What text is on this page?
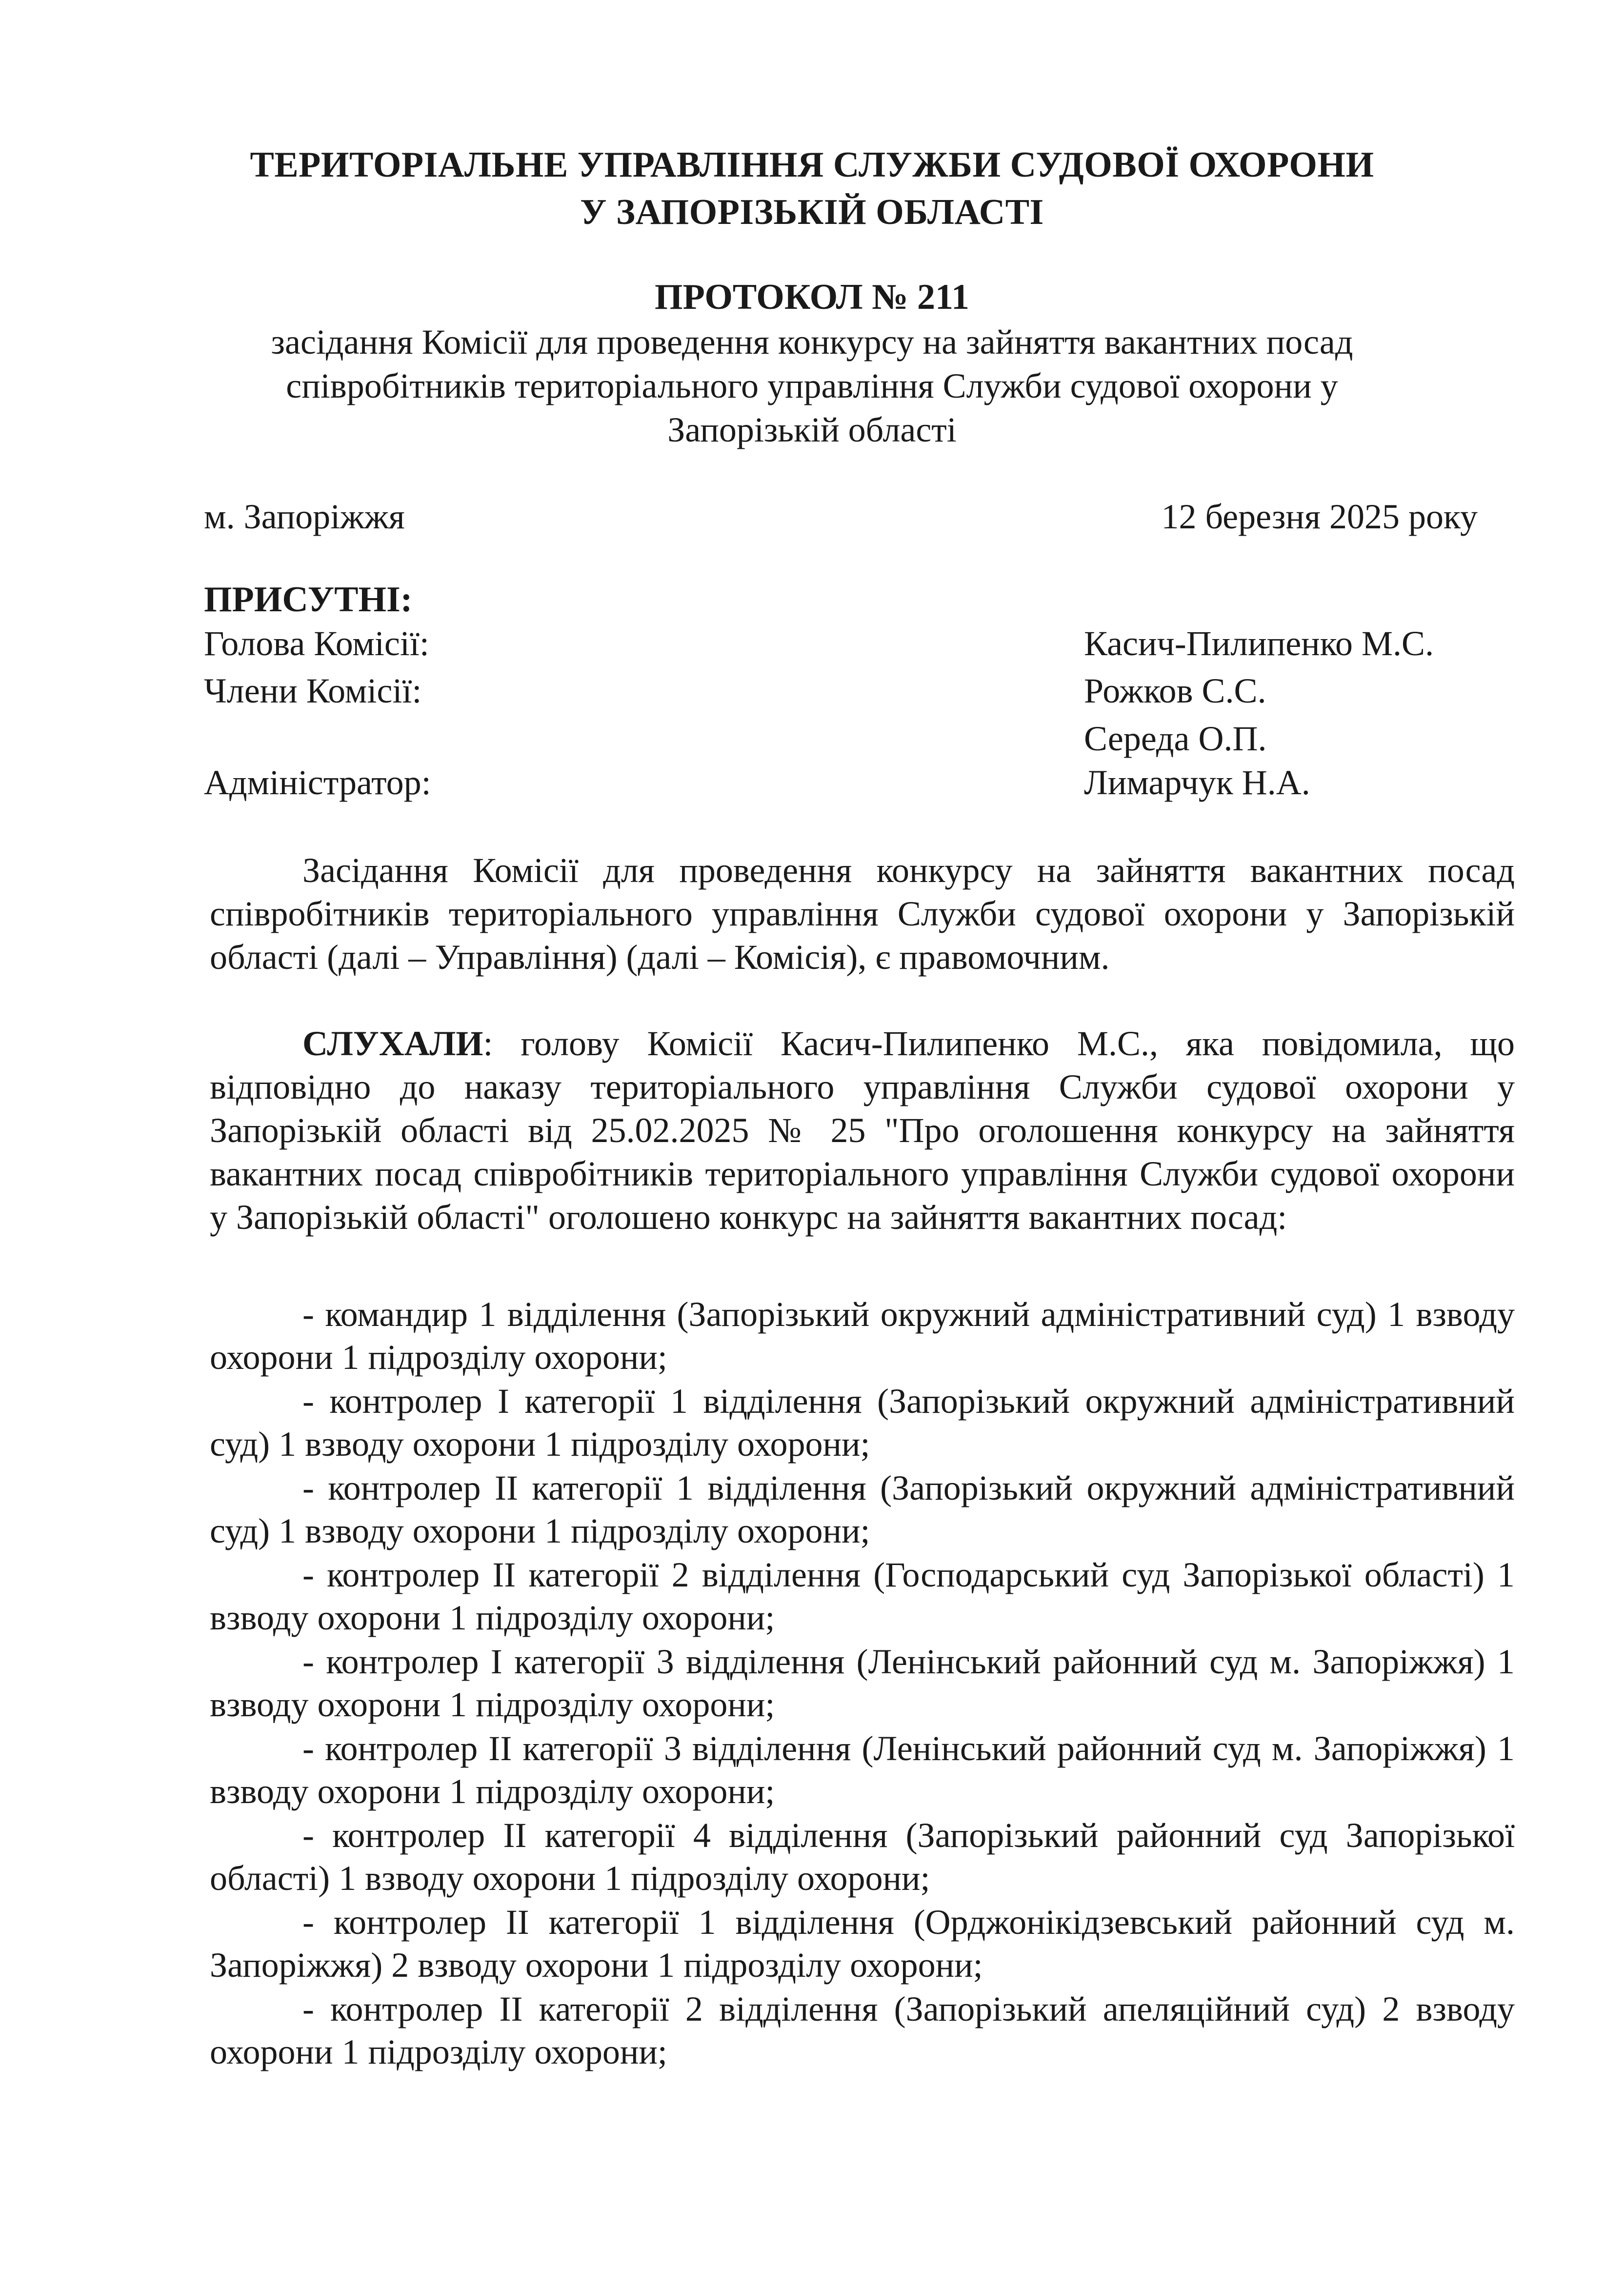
ТЕРИТОРІАЛЬНЕ УПРАВЛІННЯ СЛУЖБИ СУДОВОЇ ОХОРОНИ
У ЗАПОРІЗЬКІЙ ОБЛАСТІ
ПРОТОКОЛ № 211
засідання Комісії для проведення конкурсу на зайняття вакантних посад
співробітників територіального управління Служби судової охорони у
Запорізькій області
м. Запоріжжя	12 березня 2025 року
ПРИСУТНІ:
Голова Комісії:	Касич-Пилипенко М.С.
Члени Комісії:	Рожков С.С.
Середа О.П.
Адміністратор:	Лимарчук Н.А.

Засідання Комісії для проведення конкурсу на зайняття вакантних посад співробітників територіального управління Служби судової охорони у Запорізькій області (далі – Управління) (далі – Комісія), є правомочним.

СЛУХАЛИ: голову Комісії Касич-Пилипенко М.С., яка повідомила, що відповідно до наказу територіального управління Служби судової охорони у Запорізькій області від 25.02.2025 № 25 "Про оголошення конкурсу на зайняття вакантних посад співробітників територіального управління Служби судової охорони у Запорізькій області" оголошено конкурс на зайняття вакантних посад:

- командир 1 відділення (Запорізький окружний адміністративний суд) 1 взводу охорони 1 підрозділу охорони;

- контролер І категорії 1 відділення (Запорізький окружний адміністративний суд) 1 взводу охорони 1 підрозділу охорони;

- контролер ІІ категорії 1 відділення (Запорізький окружний адміністративний суд) 1 взводу охорони 1 підрозділу охорони;

- контролер ІІ категорії 2 відділення (Господарський суд Запорізької області) 1 взводу охорони 1 підрозділу охорони;

- контролер І категорії 3 відділення (Ленінський районний суд м. Запоріжжя) 1 взводу охорони 1 підрозділу охорони;

- контролер ІІ категорії 3 відділення (Ленінський районний суд м. Запоріжжя) 1 взводу охорони 1 підрозділу охорони;

- контролер ІІ категорії 4 відділення (Запорізький районний суд Запорізької області) 1 взводу охорони 1 підрозділу охорони;

- контролер ІІ категорії 1 відділення (Орджонікідзевський районний суд м. Запоріжжя) 2 взводу охорони 1 підрозділу охорони;

- контролер ІІ категорії 2 відділення (Запорізький апеляційний суд) 2 взводу охорони 1 підрозділу охорони;
